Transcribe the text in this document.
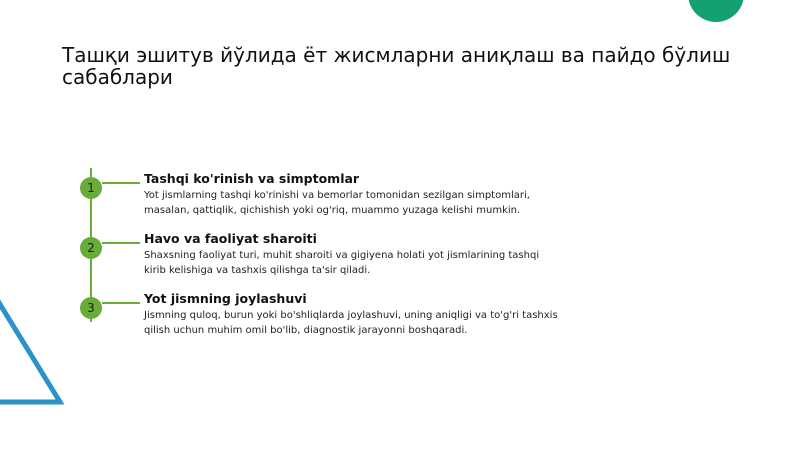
Ташқи эшитув йўлида ёт жисмларни аниқлаш ва пайдо бўлиш сабаблари
1
2
3
Tashqi ko'rinish va simptomlar
Yot jismlarning tashqi ko'rinishi va bemorlar tomonidan sezilgan simptomlari, masalan, qattiqlik, qichishish yoki og'riq, muammo yuzaga kelishi mumkin.
Havo va faoliyat sharoiti
Shaxsning faoliyat turi, muhit sharoiti va gigiyena holati yot jismlarining tashqi kirib kelishiga va tashxis qilishga ta'sir qiladi.
Yot jismning joylashuvi
Jismning quloq, burun yoki bo'shliqlarda joylashuvi, uning aniqligi va to'g'ri tashxis qilish uchun muhim omil bo'lib, diagnostik jarayonni boshqaradi.
